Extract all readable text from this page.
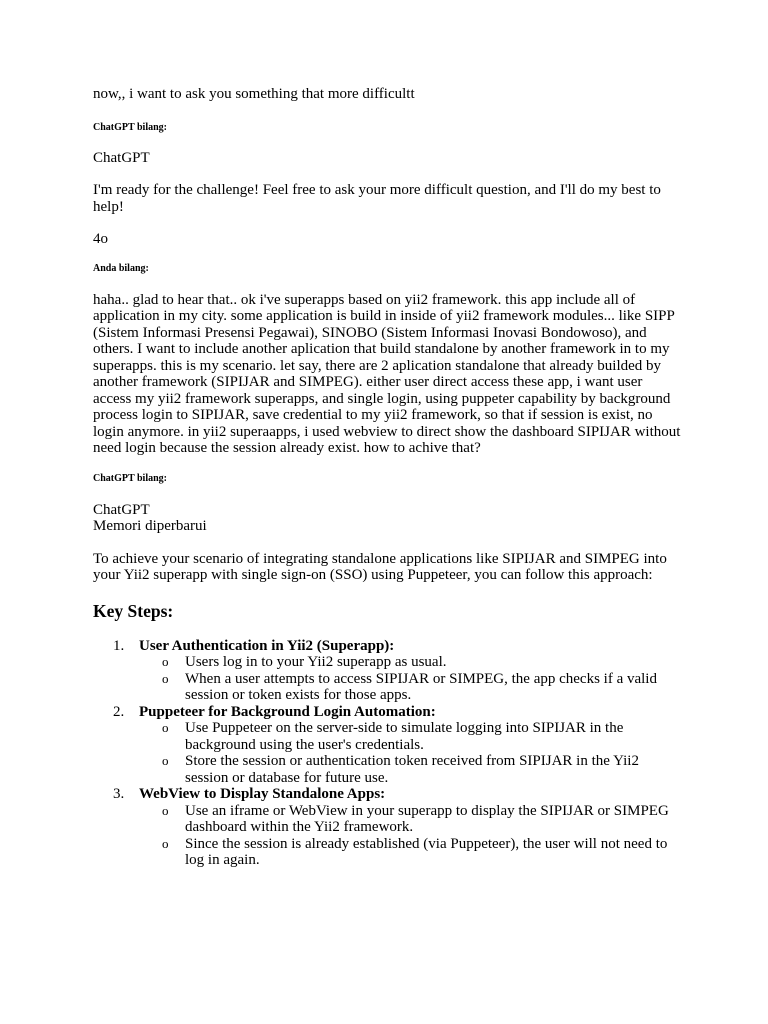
now,, i want to ask you something that more difficultt

ChatGPT bilang:

ChatGPT

I'm ready for the challenge! Feel free to ask your more difficult question, and I'll do my best to help!

4o

Anda bilang:

haha.. glad to hear that.. ok i've superapps based on yii2 framework. this app include all of application in my city. some application is build in inside of yii2 framework modules... like SIPP (Sistem Informasi Presensi Pegawai), SINOBO (Sistem Informasi Inovasi Bondowoso), and others. I want to include another aplication that build standalone by another framework in to my superapps. this is my scenario. let say, there are 2 aplication standalone that already builded by another framework (SIPIJAR and SIMPEG). either user direct access these app, i want user access my yii2 framework superapps, and single login, using puppeter capability by background process login to SIPIJAR, save credential to my yii2 framework, so that if session is exist, no login anymore. in yii2 superaapps, i used webview to direct show the dashboard SIPIJAR without need login because the session already exist. how to achive that?

ChatGPT bilang:

ChatGPT

Memori diperbarui

To achieve your scenario of integrating standalone applications like SIPIJAR and SIMPEG into your Yii2 superapp with single sign-on (SSO) using Puppeteer, you can follow this approach:

Key Steps:

1. User Authentication in Yii2 (Superapp):
o Users log in to your Yii2 superapp as usual.
o When a user attempts to access SIPIJAR or SIMPEG, the app checks if a valid session or token exists for those apps.
2. Puppeteer for Background Login Automation:
o Use Puppeteer on the server-side to simulate logging into SIPIJAR in the background using the user's credentials.
o Store the session or authentication token received from SIPIJAR in the Yii2 session or database for future use.
3. WebView to Display Standalone Apps:
o Use an iframe or WebView in your superapp to display the SIPIJAR or SIMPEG dashboard within the Yii2 framework.
o Since the session is already established (via Puppeteer), the user will not need to log in again.
